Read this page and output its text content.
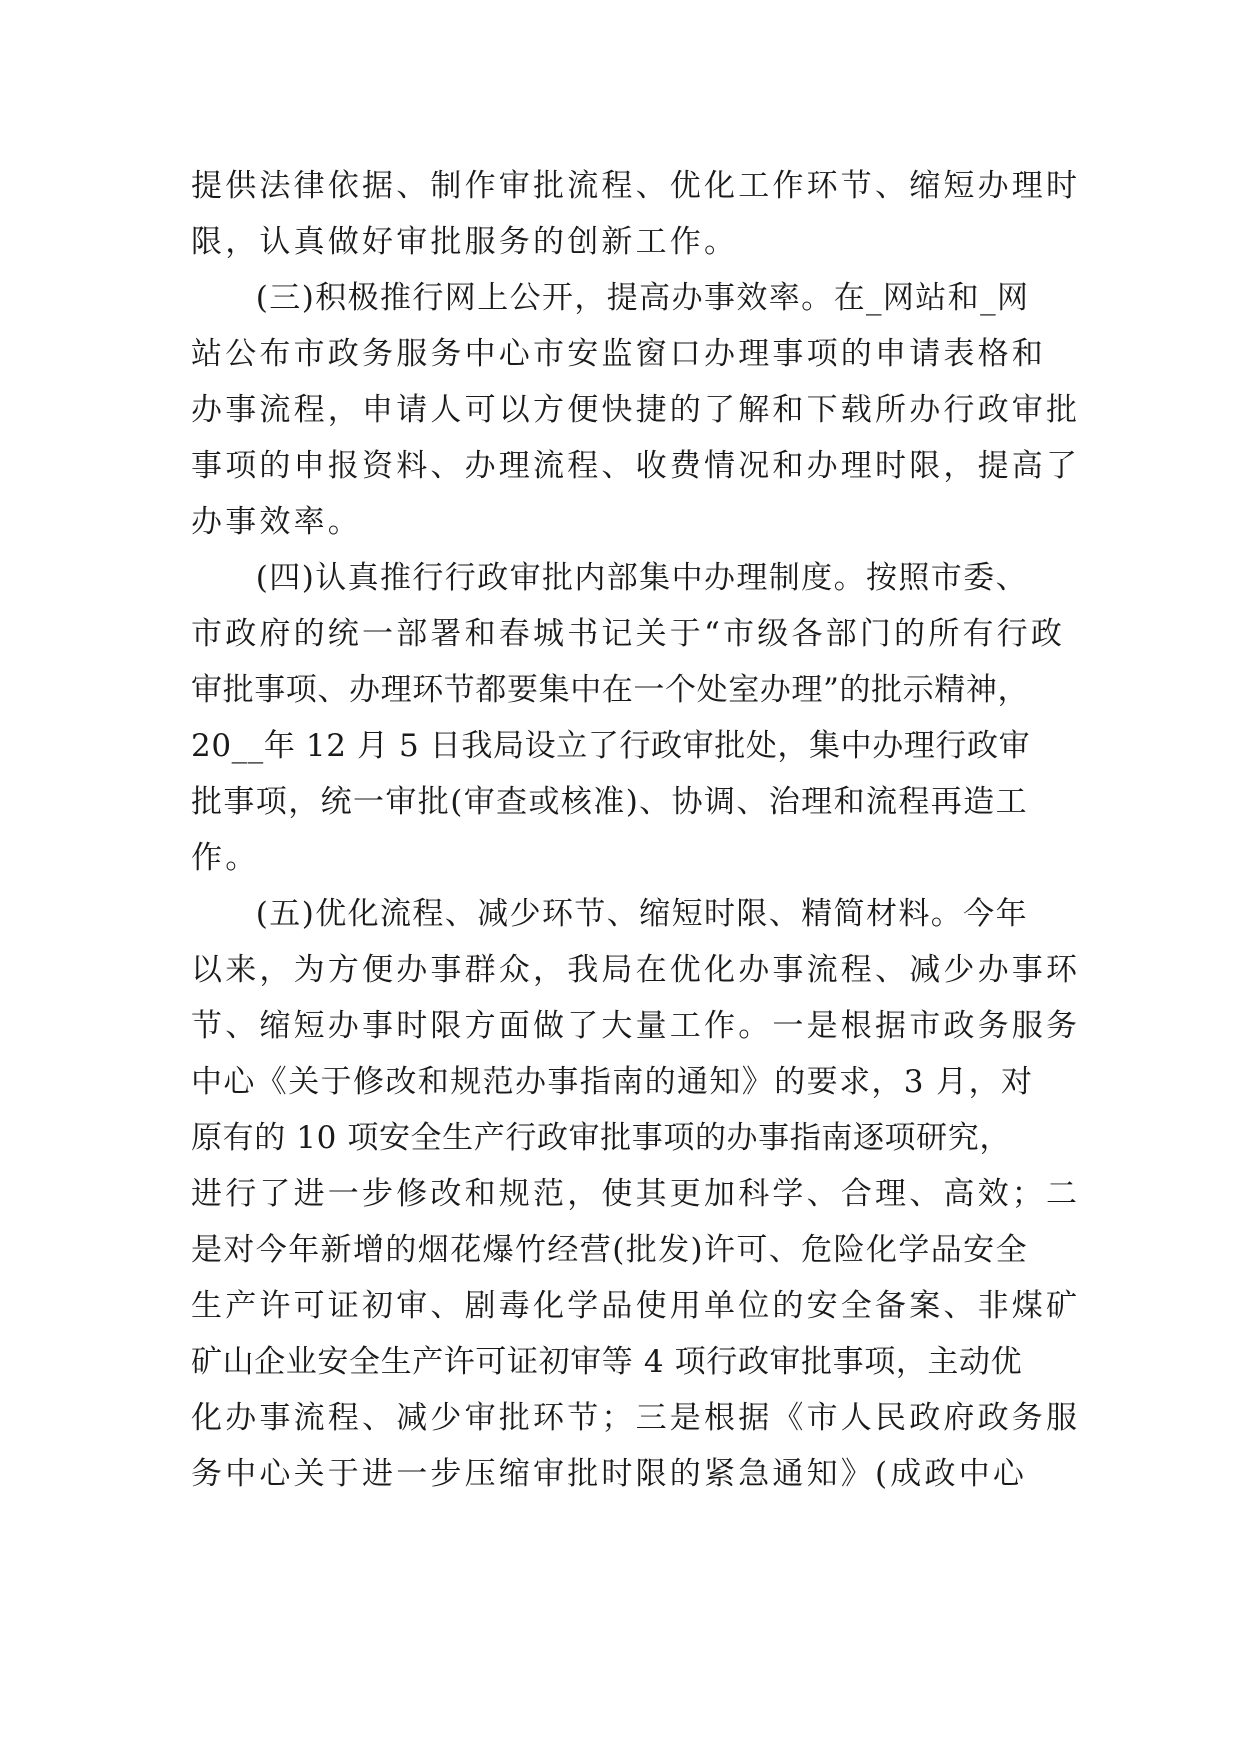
提供法律依据、制作审批流程、优化工作环节、缩短办理时
限，认真做好审批服务的创新工作。
　　(三)积极推行网上公开，提高办事效率。在_网站和_网
站公布市政务服务中心市安监窗口办理事项的申请表格和
办事流程，申请人可以方便快捷的了解和下载所办行政审批
事项的申报资料、办理流程、收费情况和办理时限，提高了
办事效率。
　　(四)认真推行行政审批内部集中办理制度。按照市委、
市政府的统一部署和春城书记关于“市级各部门的所有行政
审批事项、办理环节都要集中在一个处室办理”的批示精神，
20__年 12 月 5 日我局设立了行政审批处，集中办理行政审
批事项，统一审批(审查或核准)、协调、治理和流程再造工
作。
　　(五)优化流程、减少环节、缩短时限、精简材料。今年
以来，为方便办事群众，我局在优化办事流程、减少办事环
节、缩短办事时限方面做了大量工作。一是根据市政务服务
中心《关于修改和规范办事指南的通知》的要求，3 月，对
原有的 10 项安全生产行政审批事项的办事指南逐项研究，
进行了进一步修改和规范，使其更加科学、合理、高效；二
是对今年新增的烟花爆竹经营(批发)许可、危险化学品安全
生产许可证初审、剧毒化学品使用单位的安全备案、非煤矿
矿山企业安全生产许可证初审等 4 项行政审批事项，主动优
化办事流程、减少审批环节；三是根据《市人民政府政务服
务中心关于进一步压缩审批时限的紧急通知》(成政中心
